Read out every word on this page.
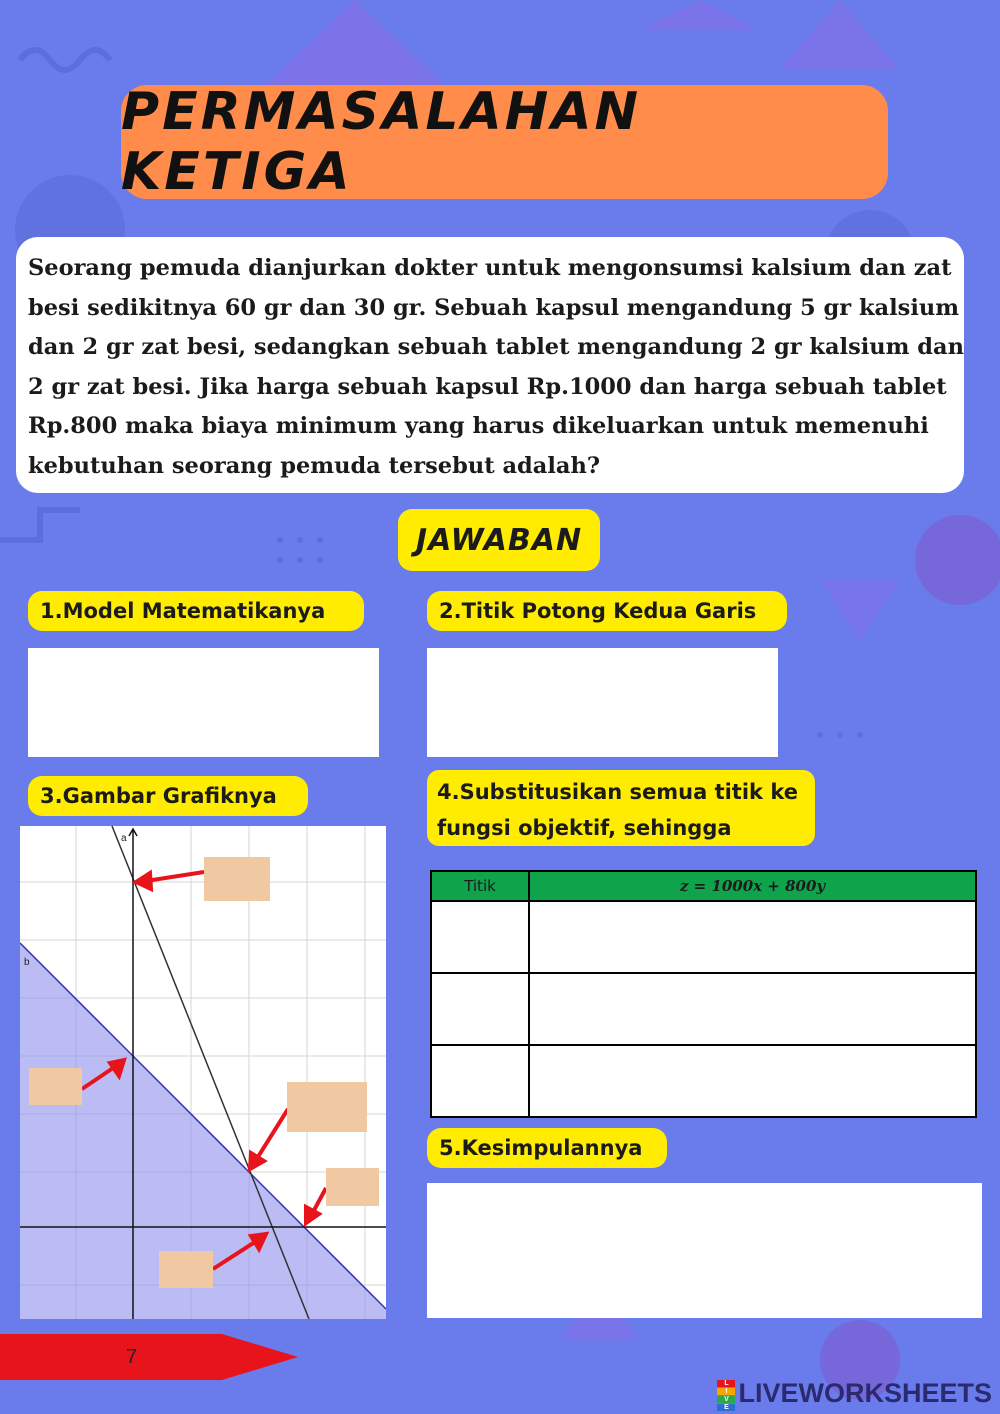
PERMASALAHAN KETIGA

Seorang pemuda dianjurkan dokter untuk mengonsumsi kalsium dan zat besi sedikitnya 60 gr dan 30 gr. Sebuah kapsul mengandung 5 gr kalsium dan 2 gr zat besi, sedangkan sebuah tablet mengandung 2 gr kalsium dan 2 gr zat besi. Jika harga sebuah kapsul Rp.1000 dan harga sebuah tablet Rp.800 maka biaya minimum yang harus dikeluarkan untuk memenuhi kebutuhan seorang pemuda tersebut adalah?

JAWABAN
1.Model Matematikanya	2.Titik Potong Kedua Garis
3.Gambar Grafiknya	4.Substitusikan semua titik ke fungsi objektif, sehingga
a
b
Titik	z = 1000x + 800y

5.Kesimpulannya
7
L
I
V
E LIVEWORKSHEETS
